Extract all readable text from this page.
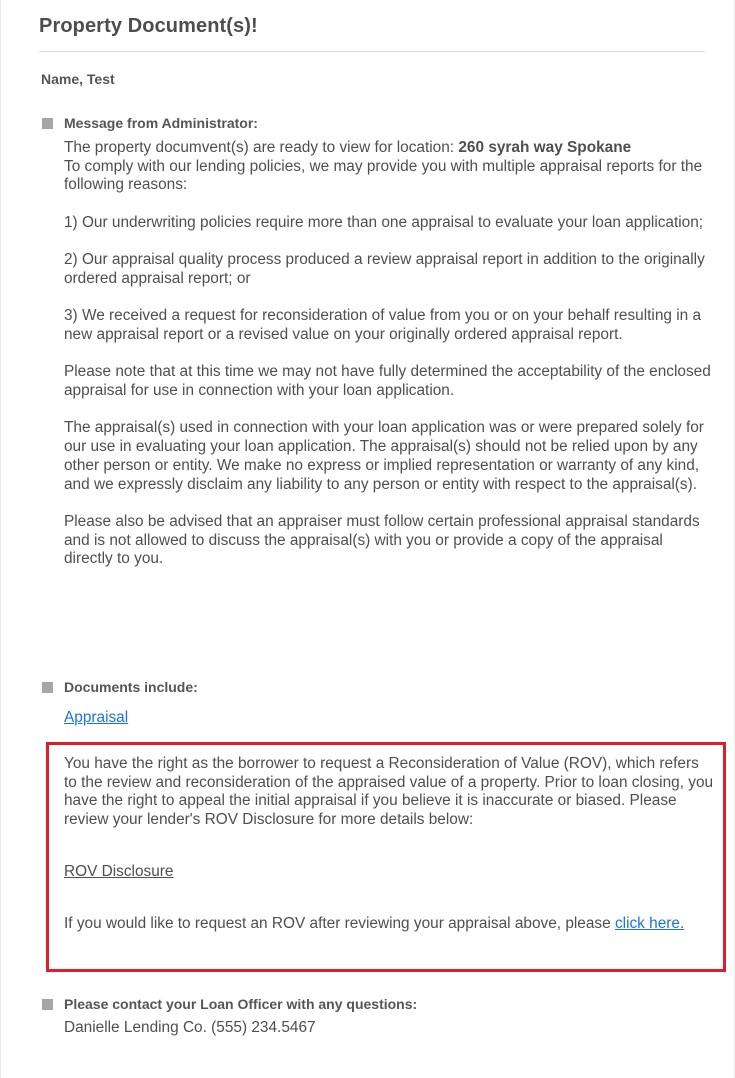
Property Document(s)!
Name, Test
Message from Administrator:

The property documvent(s) are ready to view for location: 260 syrah way Spokane
To comply with our lending policies, we may provide you with multiple appraisal reports for the following reasons:

1) Our underwriting policies require more than one appraisal to evaluate your loan application;

2) Our appraisal quality process produced a review appraisal report in addition to the originally ordered appraisal report; or

3) We received a request for reconsideration of value from you or on your behalf resulting in a new appraisal report or a revised value on your originally ordered appraisal report.

Please note that at this time we may not have fully determined the acceptability of the enclosed appraisal for use in connection with your loan application.

The appraisal(s) used in connection with your loan application was or were prepared solely for our use in evaluating your loan application. The appraisal(s) should not be relied upon by any other person or entity. We make no express or implied representation or warranty of any kind, and we expressly disclaim any liability to any person or entity with respect to the appraisal(s).

Please also be advised that an appraiser must follow certain professional appraisal standards and is not allowed to discuss the appraisal(s) with you or provide a copy of the appraisal directly to you.

Documents include:
Appraisal
You have the right as the borrower to request a Reconsideration of Value (ROV), which refers to the review and reconsideration of the appraised value of a property. Prior to loan closing, you have the right to appeal the initial appraisal if you believe it is inaccurate or biased. Please review your lender's ROV Disclosure for more details below:
ROV Disclosure
If you would like to request an ROV after reviewing your appraisal above, please click here.
Please contact your Loan Officer with any questions:
Danielle Lending Co. (555) 234.5467
